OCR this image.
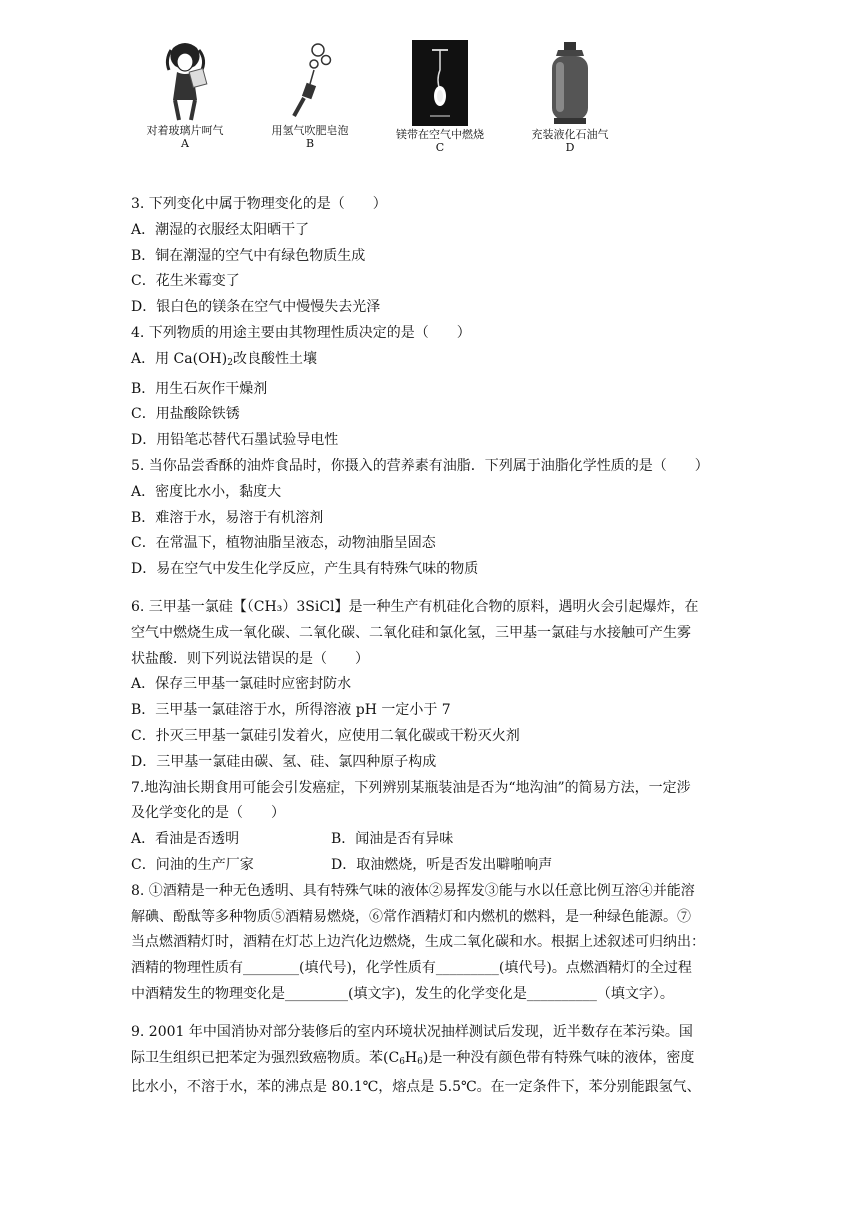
对着玻璃片呵气
A
用氢气吹肥皂泡
B
镁带在空气中燃烧
C
充装液化石油气
D
3. 下列变化中属于物理变化的是（　　）
A．潮湿的衣服经太阳晒干了
B．铜在潮湿的空气中有绿色物质生成
C．花生米霉变了
D．银白色的镁条在空气中慢慢失去光泽
4. 下列物质的用途主要由其物理性质决定的是（　　）
A．用 $Ca(OH)_2$改良酸性土壤
B．用生石灰作干燥剂
C．用盐酸除铁锈
D．用铅笔芯替代石墨试验导电性
5. 当你品尝香酥的油炸食品时，你摄入的营养素有油脂．下列属于油脂化学性质的是（　　）
A．密度比水小，黏度大
B．难溶于水，易溶于有机溶剂
C．在常温下，植物油脂呈液态，动物油脂呈固态
D．易在空气中发生化学反应，产生具有特殊气味的物质
6. 三甲基一氯硅【（CH₃）3SiCl】是一种生产有机硅化合物的原料，遇明火会引起爆炸，在
空气中燃烧生成一氧化碳、二氧化碳、二氧化硅和氯化氢，三甲基一氯硅与水接触可产生雾
状盐酸．则下列说法错误的是（　　）
A．保存三甲基一氯硅时应密封防水
B．三甲基一氯硅溶于水，所得溶液 pH 一定小于 7
C．扑灭三甲基一氯硅引发着火，应使用二氧化碳或干粉灭火剂
D．三甲基一氯硅由碳、氢、硅、氯四种原子构成
7.地沟油长期食用可能会引发癌症，下列辨别某瓶装油是否为“地沟油”的简易方法，一定涉
及化学变化的是（　　）
A．看油是否透明	B．闻油是否有异味
C．问油的生产厂家	D．取油燃烧，听是否发出噼啪响声
8. ①酒精是一种无色透明、具有特殊气味的液体②易挥发③能与水以任意比例互溶④并能溶
解碘、酚酞等多种物质⑤酒精易燃烧，⑥常作酒精灯和内燃机的燃料，是一种绿色能源。⑦
当点燃酒精灯时，酒精在灯芯上边汽化边燃烧，生成二氧化碳和水。根据上述叙述可归纳出：
酒精的物理性质有________(填代号)，化学性质有_________(填代号)。点燃酒精灯的全过程
中酒精发生的物理变化是_________(填文字)，发生的化学变化是__________（填文字）。
9. 2001 年中国消协对部分装修后的室内环境状况抽样测试后发现，近半数存在苯污染。国
际卫生组织已把苯定为强烈致癌物质。苯$(C_6H_6)$是一种没有颜色带有特殊气味的液体，密度
比水小，不溶于水，苯的沸点是 80.1℃，熔点是 5.5℃。在一定条件下，苯分别能跟氢气、
